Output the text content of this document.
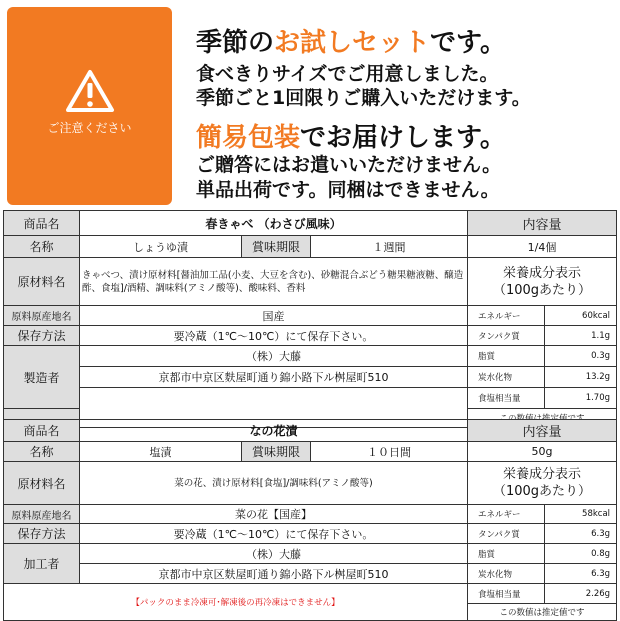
ご注意ください
季節のお試しセットです。
食べきりサイズでご用意しました。
季節ごと1回限りご購入いただけます。
簡易包装でお届けします。
ご贈答にはお遣いいただけません。
単品出荷です。同梱はできません。
商品名	春きゃべ （わさび風味）			内容量	
名称	しょうゆ漬	賞味期限	１週間	1/4個	
原材料名	きゃべつ、漬け原材料[醤油加工品(小麦、大豆を含む)、砂糖混合ぶどう糖果糖液糖、醸造酢、食塩]/酒精、調味料(アミノ酸等)、酸味料、香料			栄養成分表示
（100gあたり）	
原料原産地名	国産			エネルギー	60kcal
保存方法	要冷蔵（1℃～10℃）にて保存下さい。			タンパク質	1.1g
製造者	（株）大藤			脂質	0.3g
	京都市中京区麩屋町通り錦小路下ル桝屋町510			炭水化物	13.2g
				食塩相当量	1.70g

商品名	なの花漬			内容量	
名称	塩漬	賞味期限	１０日間	50g	
原材料名	菜の花、漬け原材料[食塩]/調味料(アミノ酸等)			栄養成分表示
（100gあたり）	
原料原産地名	菜の花【国産】			エネルギー	58kcal
保存方法	要冷蔵（1℃～10℃）にて保存下さい。			タンパク質	6.3g
加工者	（株）大藤			脂質	0.8g
	京都市中京区麩屋町通り錦小路下ル桝屋町510			炭水化物	6.3g
【パックのまま冷凍可･解凍後の再冷凍はできません】				食塩相当量	2.26g
				この数値は推定値です	
